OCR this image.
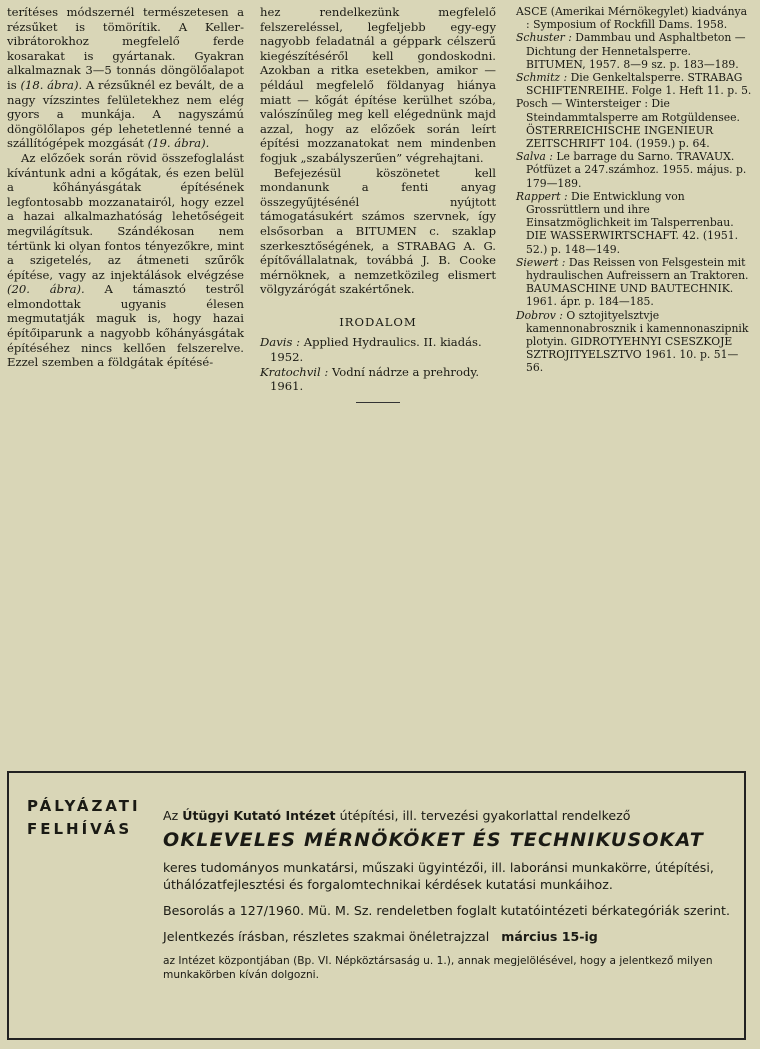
terítéses módszernél természetesen a rézsűket is tömörítik. A Keller-vibrátorokhoz megfelelő ferde kosarakat is gyártanak. Gyakran alkalmaznak 3—5 tonnás döngölőalapot is (18. ábra). A rézsűknél ez bevált, de a nagy vízszintes felületekhez nem elég gyors a munkája. A nagyszámú döngölőlapos gép lehetetlenné tenné a szállítógépek mozgását (19. ábra).

Az előzőek során rövid összefoglalást kívántunk adni a kőgátak, és ezen belül a kőhányásgátak építésének legfontosabb mozzanatairól, hogy ezzel a hazai alkalmazhatóság lehetőségeit megvilágítsuk. Szándékosan nem tértünk ki olyan fontos tényezőkre, mint a szigetelés, az átmeneti szűrők építése, vagy az injektálások elvégzése (20. ábra). A támasztó testről elmondottak ugyanis élesen megmutatják maguk is, hogy hazai építőiparunk a nagyobb kőhányásgátak építéséhez nincs kellően felszerelve. Ezzel szemben a földgátak építésé-

hez rendelkezünk megfelelő felszereléssel, legfeljebb egy-egy nagyobb feladatnál a géppark célszerű kiegészítéséről kell gondoskodni. Azokban a ritka esetekben, amikor — például megfelelő földanyag hiánya miatt — kőgát építése kerülhet szóba, valószínűleg meg kell elégednünk majd azzal, hogy az előzőek során leírt építési mozzanatokat nem mindenben fogjuk „szabályszerűen” végrehajtani.

Befejezésül köszönetet kell mondanunk a fenti anyag összegyűjtésénél nyújtott támogatásukért számos szervnek, így elsősorban a BITUMEN c. szaklap szerkesztőségének, a STRABAG A. G. építővállalatnak, továbbá J. B. Cooke mérnöknek, a nemzetközileg elismert völgyzárógát szakértőnek.

IRODALOM

Davis : Applied Hydraulics. II. kiadás. 1952.

Kratochvil : Vodní nádrze a prehrody. 1961.

ASCE (Amerikai Mérnökegylet) kiadványa : Symposium of Rockfill Dams. 1958.

Schuster : Dammbau und Asphaltbeton — Dichtung der Hennetalsperre. BITUMEN, 1957. 8—9 sz. p. 183—189.

Schmitz : Die Genkeltalsperre. STRABAG SCHIFTENREIHE. Folge 1. Heft 11. p. 5.

Posch — Wintersteiger : Die Steindammtalsperre am Rotgüldensee. ÖSTERREICHISCHE INGENIEUR ZEITSCHRIFT 104. (1959.) p. 64.

Salva : Le barrage du Sarno. TRAVAUX. Pótfüzet a 247.számhoz. 1955. május. p. 179—189.

Rappert : Die Entwicklung von Grossrüttlern und ihre Einsatzmöglichkeit im Talsperrenbau. DIE WASSERWIRTSCHAFT. 42. (1951. 52.) p. 148—149.

Siewert : Das Reissen von Felsgestein mit hydraulischen Aufreissern an Traktoren. BAUMASCHINE UND BAUTECHNIK. 1961. ápr. p. 184—185.

Dobrov : O sztojityelsztvje kamennonabrosznik i kamennonaszipnik plotyin. GIDROTYEHNYI CSESZKOJE SZTROJITYELSZTVO 1961. 10. p. 51—56.

PÁLYÁZATI
FELHÍVÁS

Az Útügyi Kutató Intézet útépítési, ill. tervezési gyakorlattal rendelkező

OKLEVELES MÉRNÖKÖKET ÉS TECHNIKUSOKAT

keres tudományos munkatársi, műszaki ügyintézői, ill. laboránsi munkakörre, útépítési, úthálózatfejlesztési és forgalomtechnikai kérdések kutatási munkáihoz.

Besorolás a 127/1960. Mü. M. Sz. rendeletben foglalt kutatóintézeti bérkategóriák szerint.

Jelentkezés írásban, részletes szakmai önéletrajzzal március 15-ig

az Intézet központjában (Bp. VI. Népköztársaság u. 1.), annak megjelölésével, hogy a jelentkező milyen munkakörben kíván dolgozni.
